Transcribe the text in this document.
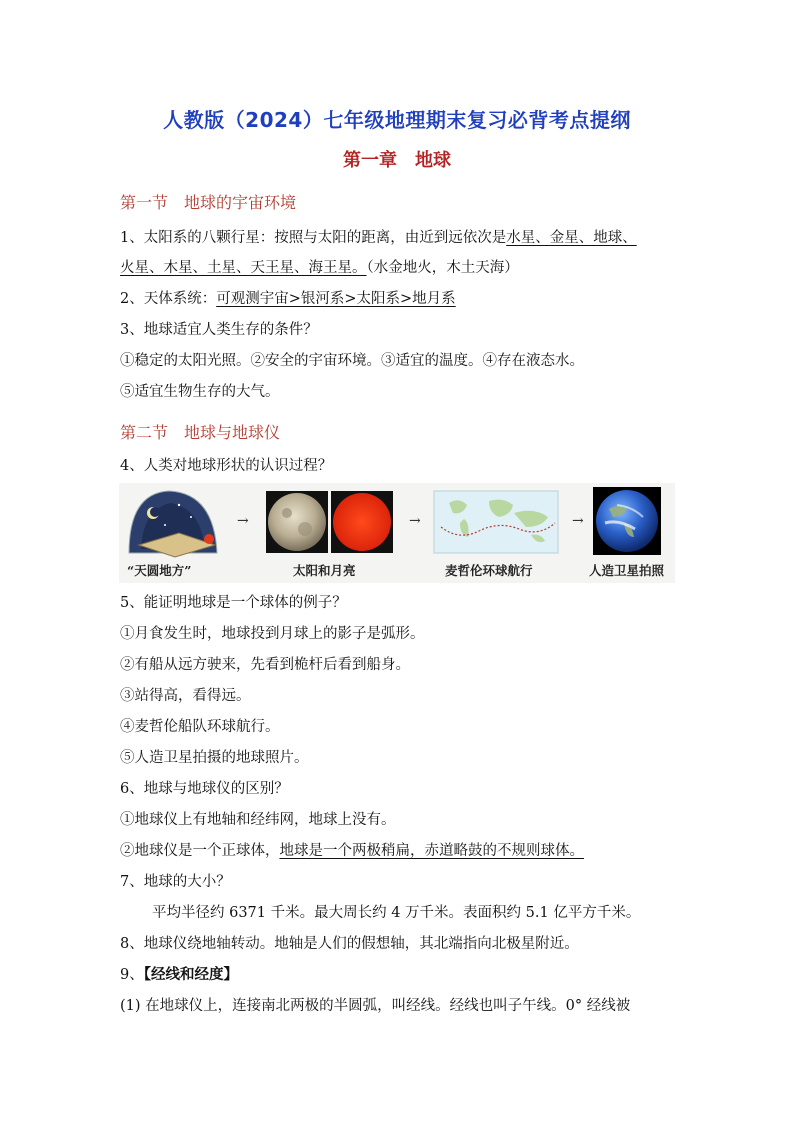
人教版（2024）七年级地理期末复习必背考点提纲
第一章　地球
第一节　地球的宇宙环境
1、太阳系的八颗行星：按照与太阳的距离，由近到远依次是水星、金星、地球、
火星、木星、土星、天王星、海王星。（水金地火，木土天海）
2、天体系统：可观测宇宙>银河系>太阳系>地月系
3、地球适宜人类生存的条件？
①稳定的太阳光照。②安全的宇宙环境。③适宜的温度。④存在液态水。
⑤适宜生物生存的大气。
第二节　地球与地球仪
4、人类对地球形状的认识过程？
→	→	→
“天圆地方”	太阳和月亮	麦哲伦环球航行	人造卫星拍照
5、能证明地球是一个球体的例子？
①月食发生时，地球投到月球上的影子是弧形。
②有船从远方驶来，先看到桅杆后看到船身。
③站得高，看得远。
④麦哲伦船队环球航行。
⑤人造卫星拍摄的地球照片。
6、地球与地球仪的区别？
①地球仪上有地轴和经纬网，地球上没有。
②地球仪是一个正球体，地球是一个两极稍扁，赤道略鼓的不规则球体。
7、地球的大小？
平均半径约 6371 千米。最大周长约 4 万千米。表面积约 5.1 亿平方千米。
8、地球仪绕地轴转动。地轴是人们的假想轴，其北端指向北极星附近。
9、【经线和经度】
(1) 在地球仪上，连接南北两极的半圆弧，叫经线。经线也叫子午线。0° 经线被
